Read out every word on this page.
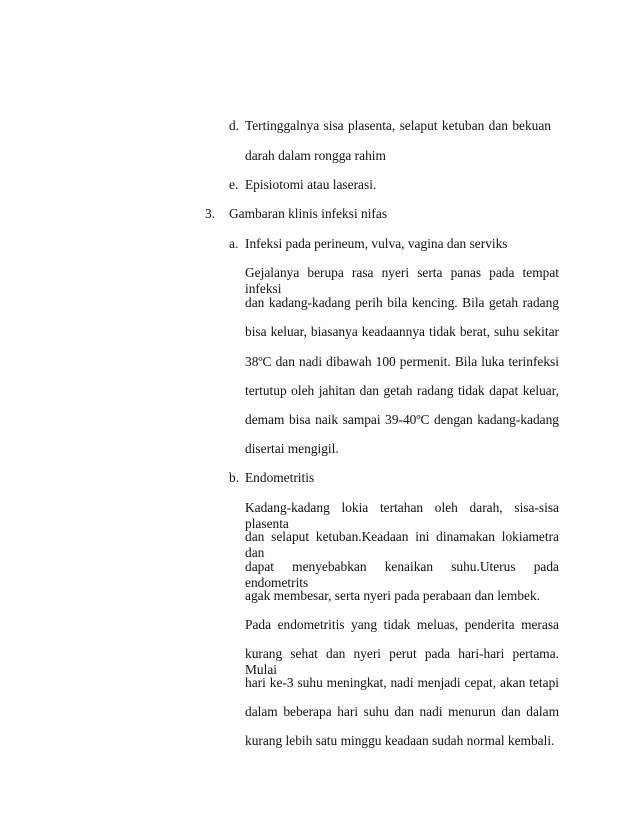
d. Tertinggalnya sisa plasenta, selaput ketuban dan bekuan
darah dalam rongga rahim
e. Episiotomi atau laserasi.
3. Gambaran klinis infeksi nifas
a. Infeksi pada perineum, vulva, vagina dan serviks
Gejalanya berupa rasa nyeri serta panas pada tempat infeksi
dan kadang-kadang perih bila kencing. Bila getah radang
bisa keluar, biasanya keadaannya tidak berat, suhu sekitar
38ºC dan nadi dibawah 100 permenit. Bila luka terinfeksi
tertutup oleh jahitan dan getah radang tidak dapat keluar,
demam bisa naik sampai 39-40ºC dengan kadang-kadang
disertai mengigil.
b. Endometritis
Kadang-kadang lokia tertahan oleh darah, sisa-sisa plasenta
dan selaput ketuban.Keadaan ini dinamakan lokiametra dan
dapat menyebabkan kenaikan suhu.Uterus pada endometrits
agak membesar, serta nyeri pada perabaan dan lembek.
Pada endometritis yang tidak meluas, penderita merasa
kurang sehat dan nyeri perut pada hari-hari pertama. Mulai
hari ke-3 suhu meningkat, nadi menjadi cepat, akan tetapi
dalam beberapa hari suhu dan nadi menurun dan dalam
kurang lebih satu minggu keadaan sudah normal kembali.
